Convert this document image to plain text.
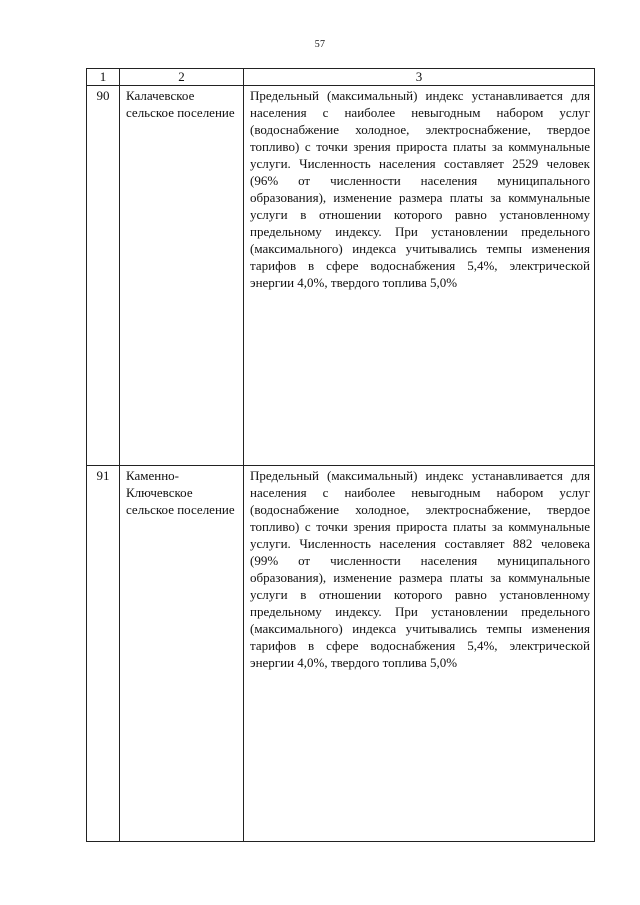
57
1	2	3
90	Калачевское сельское поселение	Предельный (максимальный) индекс устанавливается для населения с наиболее невыгодным набором услуг (водоснабжение холодное, электроснабжение, твердое топливо) с точки зрения прироста платы за коммунальные услуги. Численность населения составляет 2529 человек (96% от численности населения муниципального образования), изменение размера платы за коммунальные услуги в отношении которого равно установленному предельному индексу. При установлении предельного (максимального) индекса учитывались темпы изменения тарифов в сфере водоснабжения 5,4%, электрической энергии 4,0%, твердого топлива 5,0%
91	Каменно-Ключевское сельское поселение	Предельный (максимальный) индекс устанавливается для населения с наиболее невыгодным набором услуг (водоснабжение холодное, электроснабжение, твердое топливо) с точки зрения прироста платы за коммунальные услуги. Численность населения составляет 882 человека (99% от численности населения муниципального образования), изменение размера платы за коммунальные услуги в отношении которого равно установленному предельному индексу. При установлении предельного (максимального) индекса учитывались темпы изменения тарифов в сфере водоснабжения 5,4%, электрической энергии 4,0%, твердого топлива 5,0%
